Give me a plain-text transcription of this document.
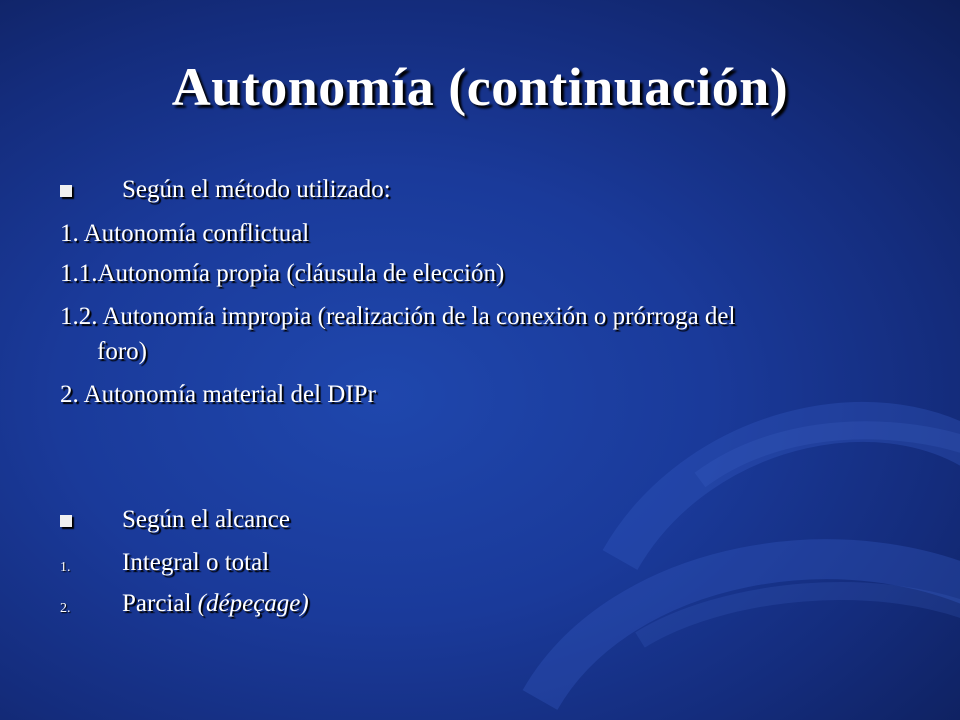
Autonomía (continuación)
Según el método utilizado:
1. Autonomía conflictual
1.1.Autonomía propia (cláusula de elección)
1.2. Autonomía impropia (realización de la conexión o prórroga del
foro)
2. Autonomía material del DIPr
Según el alcance
1. Integral o total
2. Parcial (dépeçage)
